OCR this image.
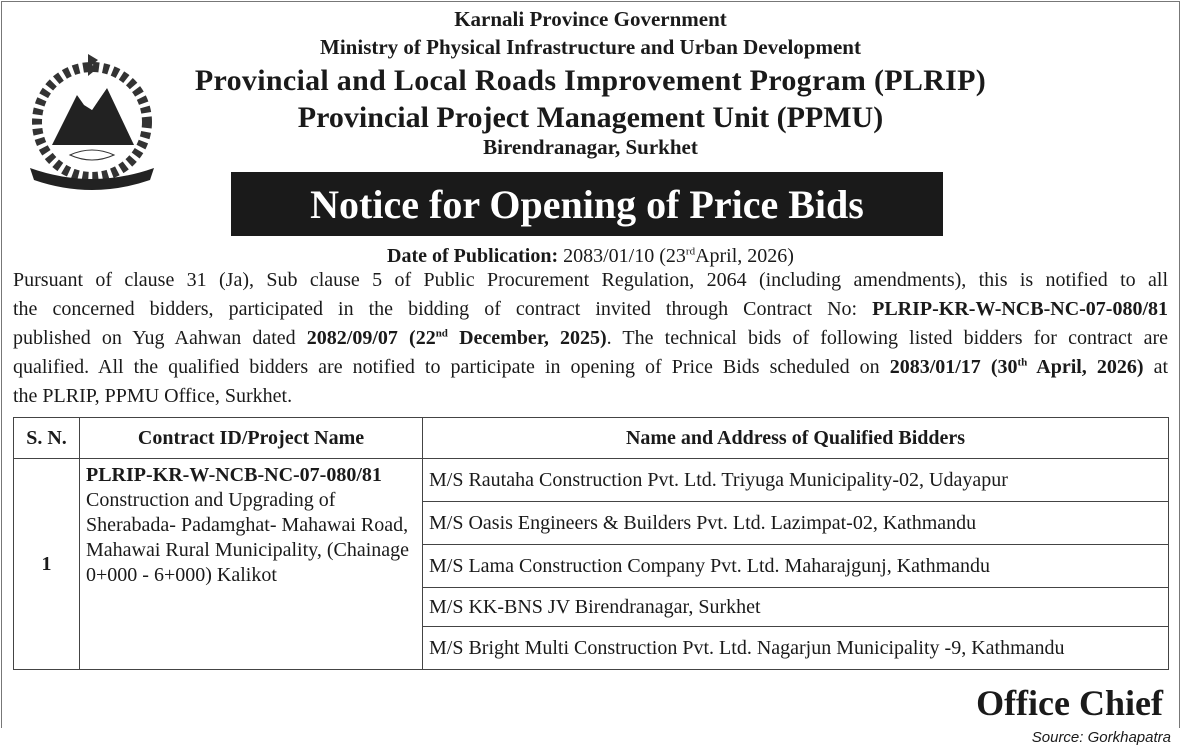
Karnali Province Government
Ministry of Physical Infrastructure and Urban Development
Provincial and Local Roads Improvement Program (PLRIP)
Provincial Project Management Unit (PPMU)
Birendranagar, Surkhet
Notice for Opening of Price Bids
Date of Publication: 2083/01/10 (23rdApril, 2026)
Pursuant of clause 31 (Ja), Sub clause 5 of Public Procurement Regulation, 2064 (including amendments), this is notified to all
the concerned bidders, participated in the bidding of contract invited through Contract No: PLRIP-KR-W-NCB-NC-07-080/81
published on Yug Aahwan dated 2082/09/07 (22nd December, 2025). The technical bids of following listed bidders for contract are
qualified. All the qualified bidders are notified to participate in opening of Price Bids scheduled on 2083/01/17 (30th April, 2026) at
the PLRIP, PPMU Office, Surkhet.
S. N.	Contract ID/Project Name	Name and Address of Qualified Bidders
1	PLRIP-KR-W-NCB-NC-07-080/81
Construction and Upgrading of Sherabada- Padamghat- Mahawai Road, Mahawai Rural Municipality, (Chainage 0+000 - 6+000) Kalikot	M/S Rautaha Construction Pvt. Ltd. Triyuga Municipality-02, Udayapur
		M/S Oasis Engineers & Builders Pvt. Ltd. Lazimpat-02, Kathmandu
		M/S Lama Construction Company Pvt. Ltd. Maharajgunj, Kathmandu
		M/S KK-BNS JV Birendranagar, Surkhet
		M/S Bright Multi Construction Pvt. Ltd. Nagarjun Municipality -9, Kathmandu
Office Chief
Source: Gorkhapatra
